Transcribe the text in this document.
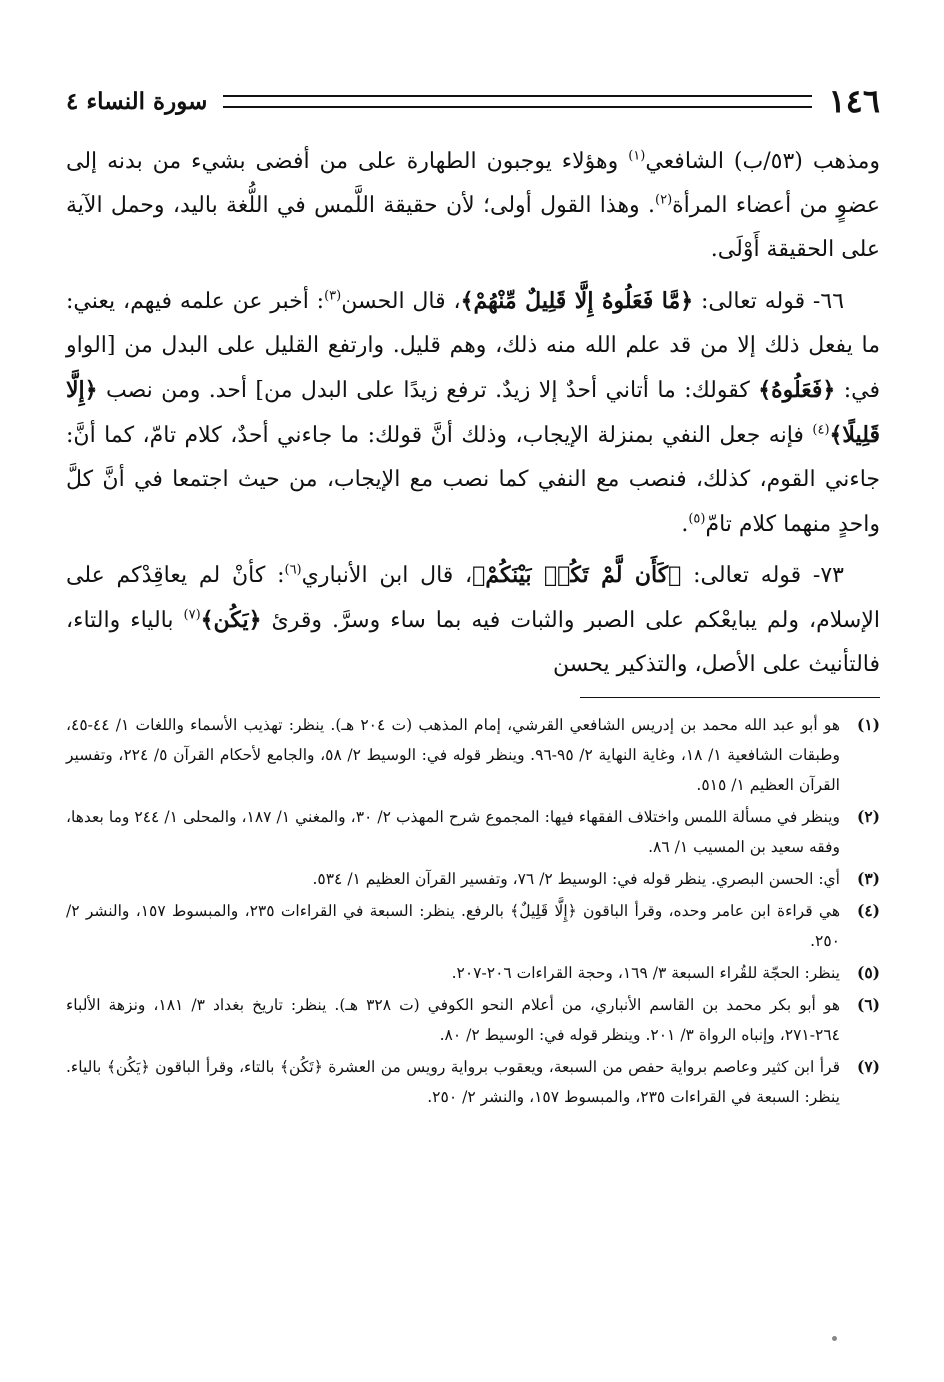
١٤٦
سورة النساء ٤

ومذهب (٥٣/ب) الشافعي$^{(١)}$ وهؤلاء يوجبون الطهارة على من أفضى بشيء من بدنه إلى عضوٍ من أعضاء المرأة$^{(٢)}$. وهذا القول أولى؛ لأن حقيقة اللَّمس في اللُّغة باليد، وحمل الآية على الحقيقة أَوْلَى.

٦٦- قوله تعالى: ﴿مَّا فَعَلُوهُ إِلَّا قَلِيلٌ مِّنْهُمْ﴾، قال الحسن$^{(٣)}$: أخبر عن علمه فيهم، يعني: ما يفعل ذلك إلا من قد علم الله منه ذلك، وهم قليل. وارتفع القليل على البدل من [الواو في: ﴿فَعَلُوهُ﴾ كقولك: ما أتاني أحدٌ إلا زيدٌ. ترفع زيدًا على البدل من] أحد. ومن نصب ﴿إِلَّا قَلِيلًا﴾$^{(٤)}$ فإنه جعل النفي بمنزلة الإيجاب، وذلك أنَّ قولك: ما جاءني أحدٌ، كلام تامّ، كما أنَّ: جاءني القوم، كذلك، فنصب مع النفي كما نصب مع الإيجاب، من حيث اجتمعا في أنَّ كلَّ واحدٍ منهما كلام تامّ$^{(٥)}$.

٧٣- قوله تعالى: ﴿كَأَن لَّمْ تَكُنۢ بَيْنَكُمْ﴾، قال ابن الأنباري$^{(٦)}$: كأنْ لم يعاقِدْكم على الإسلام، ولم يبايعْكم على الصبر والثبات فيه بما ساء وسرَّ. وقرئ ﴿يَكُن﴾$^{(٧)}$ بالياء والتاء، فالتأنيث على الأصل، والتذكير يحسن

(١)
هو أبو عبد الله محمد بن إدريس الشافعي القرشي، إمام المذهب (ت ٢٠٤ هـ). ينظر: تهذيب الأسماء واللغات ١/ ٤٤-٤٥، وطبقات الشافعية ١/ ١٨، وغاية النهاية ٢/ ٩٥-٩٦. وينظر قوله في: الوسيط ٢/ ٥٨، والجامع لأحكام القرآن ٥/ ٢٢٤، وتفسير القرآن العظيم ١/ ٥١٥.
(٢)
وينظر في مسألة اللمس واختلاف الفقهاء فيها: المجموع شرح المهذب ٢/ ٣٠، والمغني ١/ ١٨٧، والمحلى ١/ ٢٤٤ وما بعدها، وفقه سعيد بن المسيب ١/ ٨٦.
(٣)
أي: الحسن البصري. ينظر قوله في: الوسيط ٢/ ٧٦، وتفسير القرآن العظيم ١/ ٥٣٤.
(٤)
هي قراءة ابن عامر وحده، وقرأ الباقون ﴿إِلَّا قَلِيلٌ﴾ بالرفع. ينظر: السبعة في القراءات ٢٣٥، والمبسوط ١٥٧، والنشر ٢/ ٢٥٠.
(٥)
ينظر: الحجّة للقُراء السبعة ٣/ ١٦٩، وحجة القراءات ٢٠٦-٢٠٧.
(٦)
هو أبو بكر محمد بن القاسم الأنباري، من أعلام النحو الكوفي (ت ٣٢٨ هـ). ينظر: تاريخ بغداد ٣/ ١٨١، ونزهة الألباء ٢٦٤-٢٧١، وإنباه الرواة ٣/ ٢٠١. وينظر قوله في: الوسيط ٢/ ٨٠.
(٧)
قرأ ابن كثير وعاصم برواية حفص من السبعة، ويعقوب برواية رويس من العشرة ﴿تَكُن﴾ بالتاء، وقرأ الباقون ﴿يَكُن﴾ بالياء. ينظر: السبعة في القراءات ٢٣٥، والمبسوط ١٥٧، والنشر ٢/ ٢٥٠.
